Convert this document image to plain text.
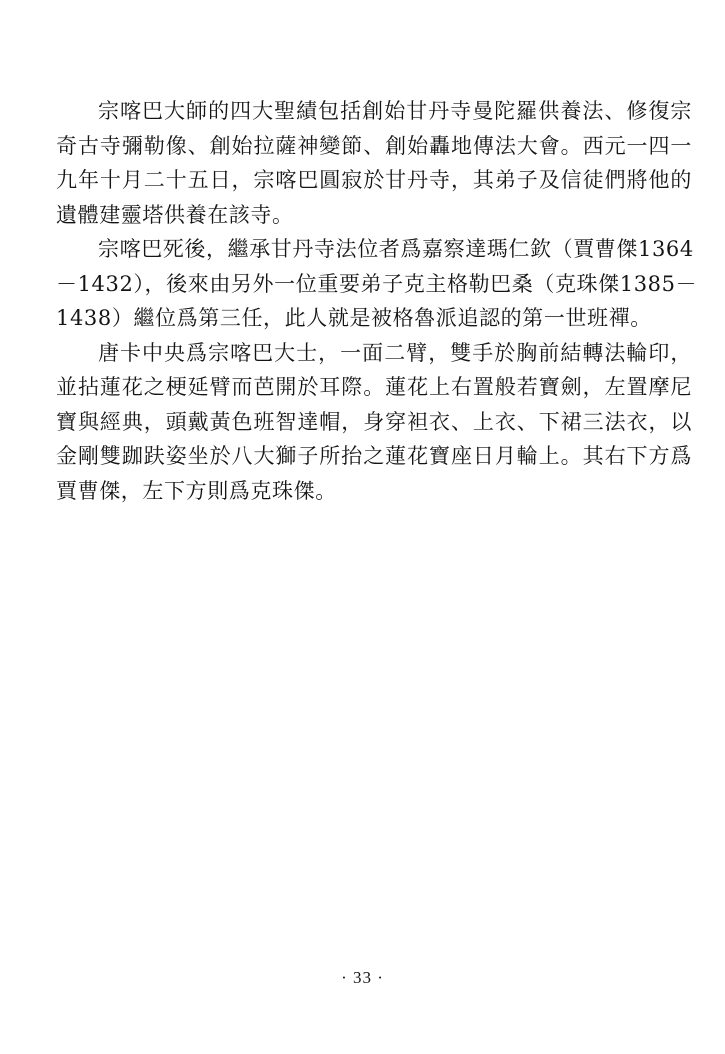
宗喀巴大師的四大聖績包括創始甘丹寺曼陀羅供養法、修復宗
奇古寺彌勒像、創始拉薩神變節、創始轟地傳法大會。西元一四一
九年十月二十五日，宗喀巴圓寂於甘丹寺，其弟子及信徒們將他的
遺體建靈塔供養在該寺。
宗喀巴死後，繼承甘丹寺法位者爲嘉察達瑪仁欽（賈曹傑1364
－1432），後來由另外一位重要弟子克主格勒巴桑（克珠傑1385－
1438）繼位爲第三任，此人就是被格魯派追認的第一世班禪。
唐卡中央爲宗喀巴大士，一面二臂，雙手於胸前結轉法輪印，
並拈蓮花之梗延臂而芭開於耳際。蓮花上右置般若寶劍，左置摩尼
寶與經典，頭戴黃色班智達帽，身穿袒衣、上衣、下裙三法衣，以
金剛雙跏趺姿坐於八大獅子所抬之蓮花寶座日月輪上。其右下方爲
賈曹傑，左下方則爲克珠傑。
· 33 ·
